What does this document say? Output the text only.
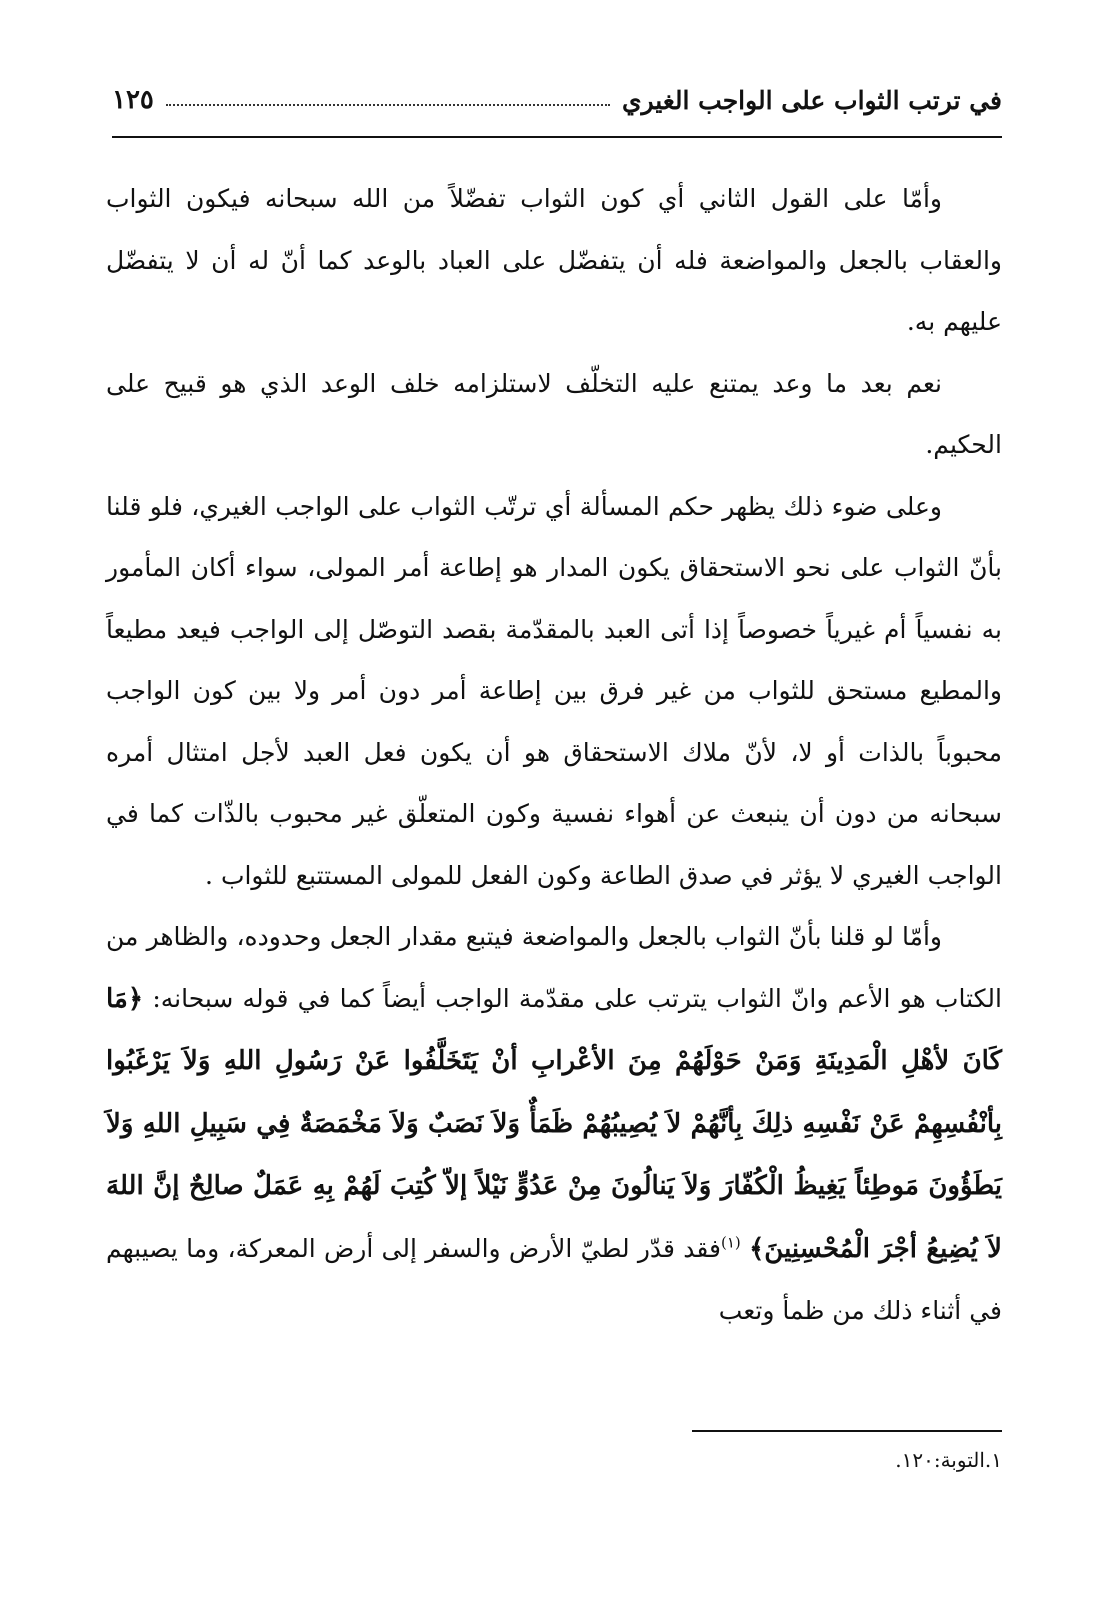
في ترتب الثواب على الواجب الغيري
١٢٥

وأمّا على القول الثاني أي كون الثواب تفضّلاً من الله سبحانه فيكون الثواب والعقاب بالجعل والمواضعة فله أن يتفضّل على العباد بالوعد كما أنّ له أن لا يتفضّل عليهم به.

نعم بعد ما وعد يمتنع عليه التخلّف لاستلزامه خلف الوعد الذي هو قبيح على الحكيم.

وعلى ضوء ذلك يظهر حكم المسألة أي ترتّب الثواب على الواجب الغيري، فلو قلنا بأنّ الثواب على نحو الاستحقاق يكون المدار هو إطاعة أمر المولى، سواء أكان المأمور به نفسياً أم غيرياً خصوصاً إذا أتى العبد بالمقدّمة بقصد التوصّل إلى الواجب فيعد مطيعاً والمطيع مستحق للثواب من غير فرق بين إطاعة أمر دون أمر ولا بين كون الواجب محبوباً بالذات أو لا، لأنّ ملاك الاستحقاق هو أن يكون فعل العبد لأجل امتثال أمره سبحانه من دون أن ينبعث عن أهواء نفسية وكون المتعلّق غير محبوب بالذّات كما في الواجب الغيري لا يؤثر في صدق الطاعة وكون الفعل للمولى المستتبع للثواب .

وأمّا لو قلنا بأنّ الثواب بالجعل والمواضعة فيتبع مقدار الجعل وحدوده، والظاهر من الكتاب هو الأعم وانّ الثواب يترتب على مقدّمة الواجب أيضاً كما في قوله سبحانه: ﴿مَا كَانَ لأهْلِ الْمَدِينَةِ وَمَنْ حَوْلَهُمْ مِنَ الأعْرابِ أنْ يَتَخَلَّفُوا عَنْ رَسُولِ اللهِ وَلاَ يَرْغَبُوا بِأنْفُسِهِمْ عَنْ نَفْسِهِ ذلِكَ بِأنَّهُمْ لاَ يُصِيبُهُمْ ظَمَأٌ وَلاَ نَصَبٌ وَلاَ مَخْمَصَةٌ فِي سَبِيلِ اللهِ وَلاَ يَطَؤُونَ مَوطِئاً يَغِيظُ الْكُفّارَ وَلاَ يَنالُونَ مِنْ عَدُوٍّ نَيْلاً إلاّ كُتِبَ لَهُمْ بِهِ عَمَلٌ صالِحٌ إنَّ اللهَ لاَ يُضِيعُ أجْرَ الْمُحْسِنِينَ﴾ $^{(١)}$فقد قدّر لطيّ الأرض والسفر إلى أرض المعركة، وما يصيبهم في أثناء ذلك من ظمأ وتعب

١.التوبة:١٢٠.
